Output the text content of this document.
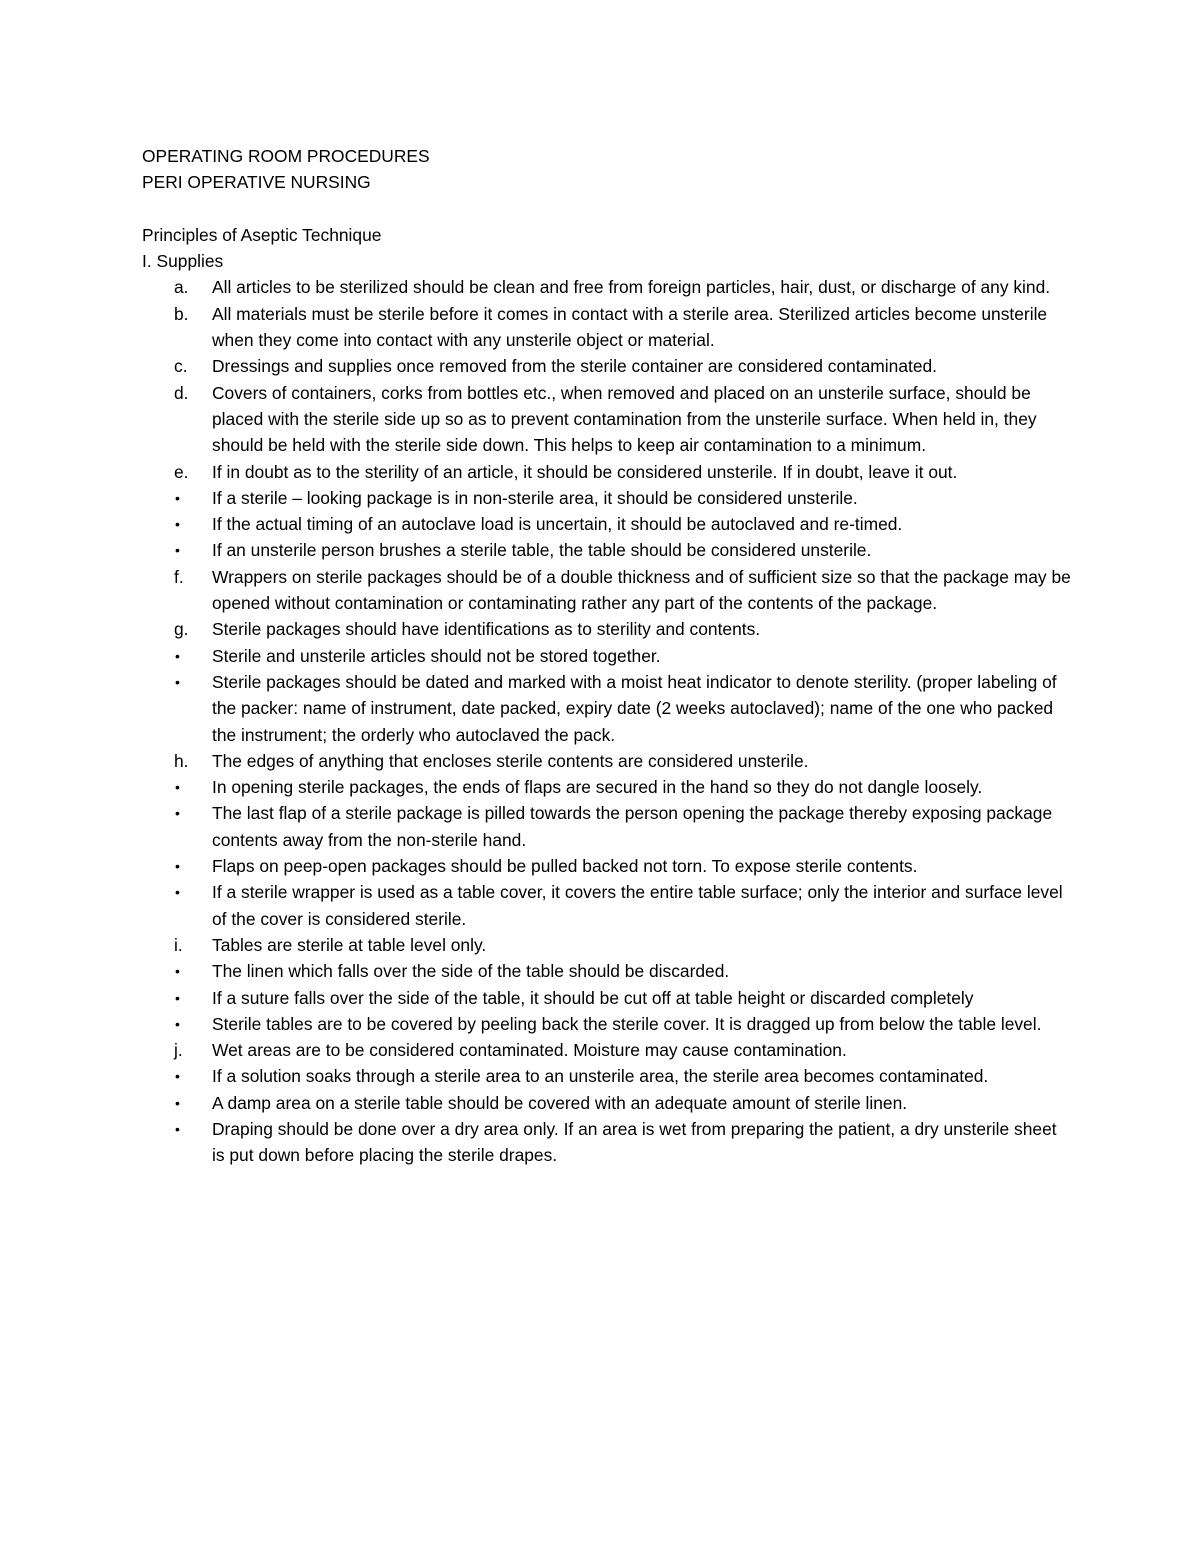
OPERATING ROOM PROCEDURES

PERI OPERATIVE NURSING

Principles of Aseptic Technique

I. Supplies

a.	All articles to be sterilized should be clean and free from foreign particles, hair, dust, or discharge of any kind.
b.	All materials must be sterile before it comes in contact with a sterile area. Sterilized articles become unsterile when they come into contact with any unsterile object or material.
c.	Dressings and supplies once removed from the sterile container are considered contaminated.
d.	Covers of containers, corks from bottles etc., when removed and placed on an unsterile surface, should be placed with the sterile side up so as to prevent contamination from the unsterile surface. When held in, they should be held with the sterile side down. This helps to keep air contamination to a minimum.
e.	If in doubt as to the sterility of an article, it should be considered unsterile. If in doubt, leave it out.
•	If a sterile – looking package is in non-sterile area, it should be considered unsterile.
•	If the actual timing of an autoclave load is uncertain, it should be autoclaved and re-timed.
•	If an unsterile person brushes a sterile table, the table should be considered unsterile.
f.	Wrappers on sterile packages should be of a double thickness and of sufficient size so that the package may be opened without contamination or contaminating rather any part of the contents of the package.
g.	Sterile packages should have identifications as to sterility and contents.
•	Sterile and unsterile articles should not be stored together.
•	Sterile packages should be dated and marked with a moist heat indicator to denote sterility. (proper labeling of the packer: name of instrument, date packed, expiry date (2 weeks autoclaved); name of the one who packed the instrument; the orderly who autoclaved the pack.
h.	The edges of anything that encloses sterile contents are considered unsterile.
•	In opening sterile packages, the ends of flaps are secured in the hand so they do not dangle loosely.
•	The last flap of a sterile package is pilled towards the person opening the package thereby exposing package contents away from the non-sterile hand.
•	Flaps on peep-open packages should be pulled backed not torn. To expose sterile contents.
•	If a sterile wrapper is used as a table cover, it covers the entire table surface; only the interior and surface level of the cover is considered sterile.
i.	Tables are sterile at table level only.
•	The linen which falls over the side of the table should be discarded.
•	If a suture falls over the side of the table, it should be cut off at table height or discarded completely
•	Sterile tables are to be covered by peeling back the sterile cover. It is dragged up from below the table level.
j.	Wet areas are to be considered contaminated. Moisture may cause contamination.
•	If a solution soaks through a sterile area to an unsterile area, the sterile area becomes contaminated.
•	A damp area on a sterile table should be covered with an adequate amount of sterile linen.
•	Draping should be done over a dry area only. If an area is wet from preparing the patient, a dry unsterile sheet is put down before placing the sterile drapes.
